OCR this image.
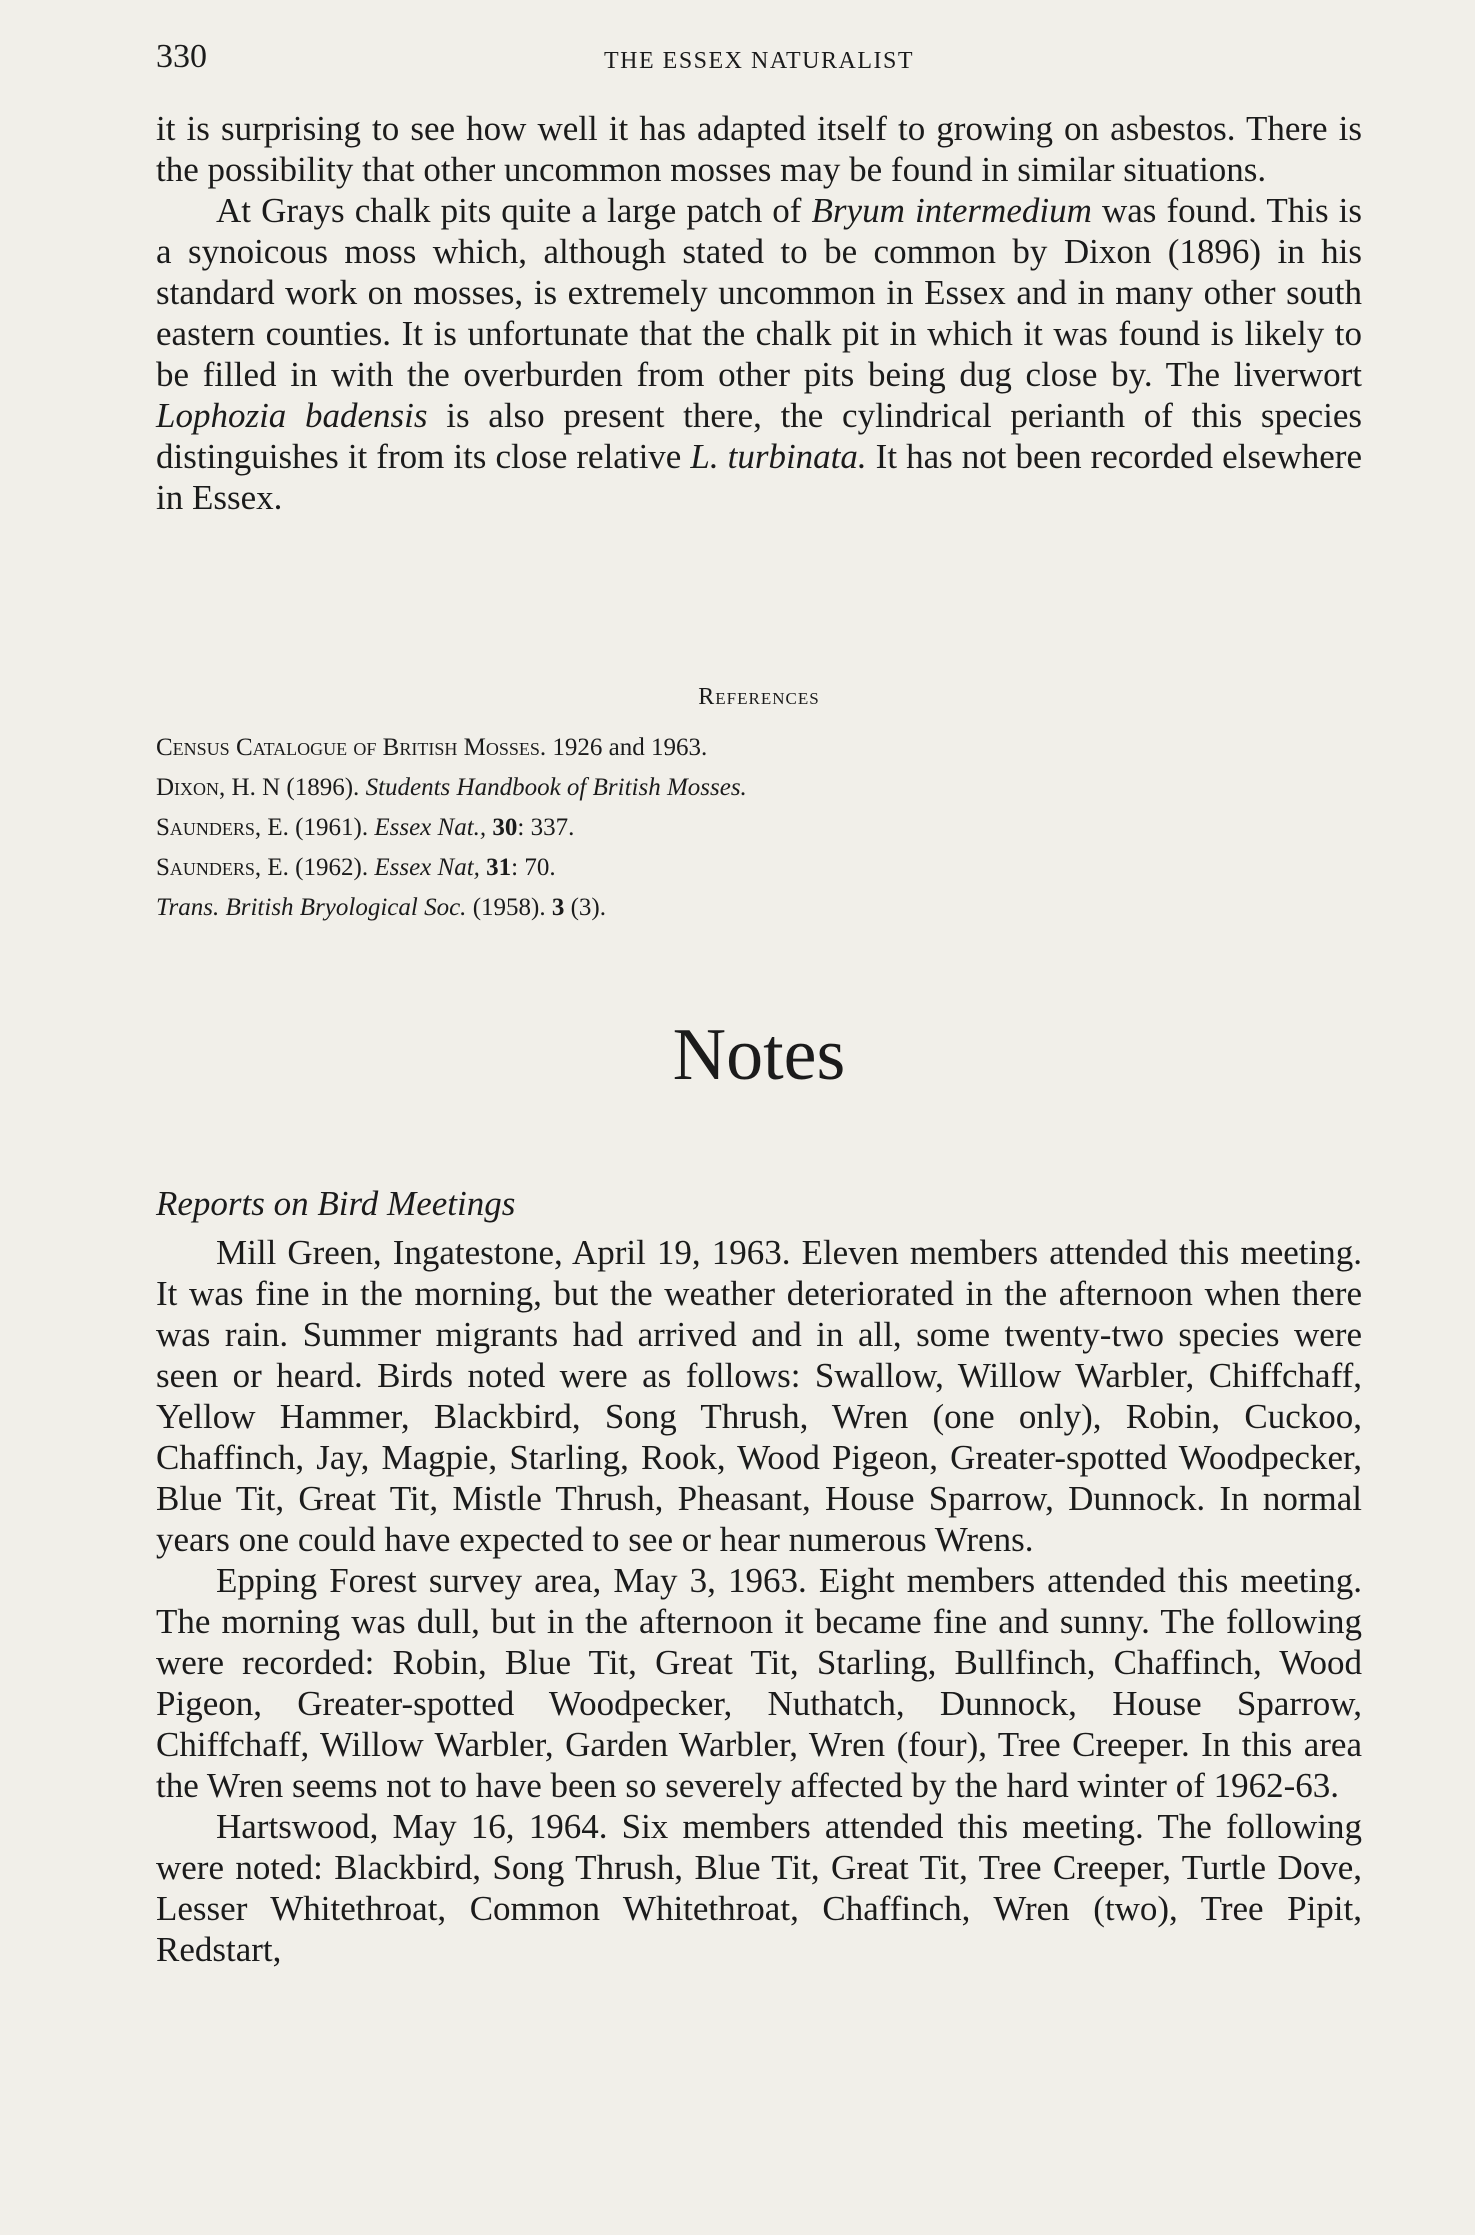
330	THE ESSEX NATURALIST

it is surprising to see how well it has adapted itself to growing on asbestos. There is the possibility that other uncommon mosses may be found in similar situations.

At Grays chalk pits quite a large patch of Bryum intermedium was found. This is a synoicous moss which, although stated to be common by Dixon (1896) in his standard work on mosses, is extremely uncommon in Essex and in many other south eastern counties. It is unfortunate that the chalk pit in which it was found is likely to be filled in with the overburden from other pits being dug close by. The liverwort Lophozia badensis is also present there, the cylindrical perianth of this species distinguishes it from its close relative L. turbinata. It has not been recorded elsewhere in Essex.

References
Census Catalogue of British Mosses. 1926 and 1963.
Dixon, H. N (1896). Students Handbook of British Mosses.
Saunders, E. (1961). Essex Nat., 30: 337.
Saunders, E. (1962). Essex Nat, 31: 70.
Trans. British Bryological Soc. (1958). 3 (3).
Notes
Reports on Bird Meetings

Mill Green, Ingatestone, April 19, 1963. Eleven members attended this meeting. It was fine in the morning, but the weather deteriorated in the afternoon when there was rain. Summer migrants had arrived and in all, some twenty-two species were seen or heard. Birds noted were as follows: Swallow, Willow Warbler, Chiffchaff, Yellow Hammer, Blackbird, Song Thrush, Wren (one only), Robin, Cuckoo, Chaffinch, Jay, Magpie, Starling, Rook, Wood Pigeon, Greater-spotted Woodpecker, Blue Tit, Great Tit, Mistle Thrush, Pheasant, House Sparrow, Dunnock. In normal years one could have expected to see or hear numerous Wrens.

Epping Forest survey area, May 3, 1963. Eight members attended this meeting. The morning was dull, but in the afternoon it became fine and sunny. The following were recorded: Robin, Blue Tit, Great Tit, Starling, Bullfinch, Chaffinch, Wood Pigeon, Greater-spotted Woodpecker, Nuthatch, Dunnock, House Sparrow, Chiffchaff, Willow Warbler, Garden Warbler, Wren (four), Tree Creeper. In this area the Wren seems not to have been so severely affected by the hard winter of 1962-63.

Hartswood, May 16, 1964. Six members attended this meeting. The following were noted: Blackbird, Song Thrush, Blue Tit, Great Tit, Tree Creeper, Turtle Dove, Lesser Whitethroat, Common Whitethroat, Chaffinch, Wren (two), Tree Pipit, Redstart,
